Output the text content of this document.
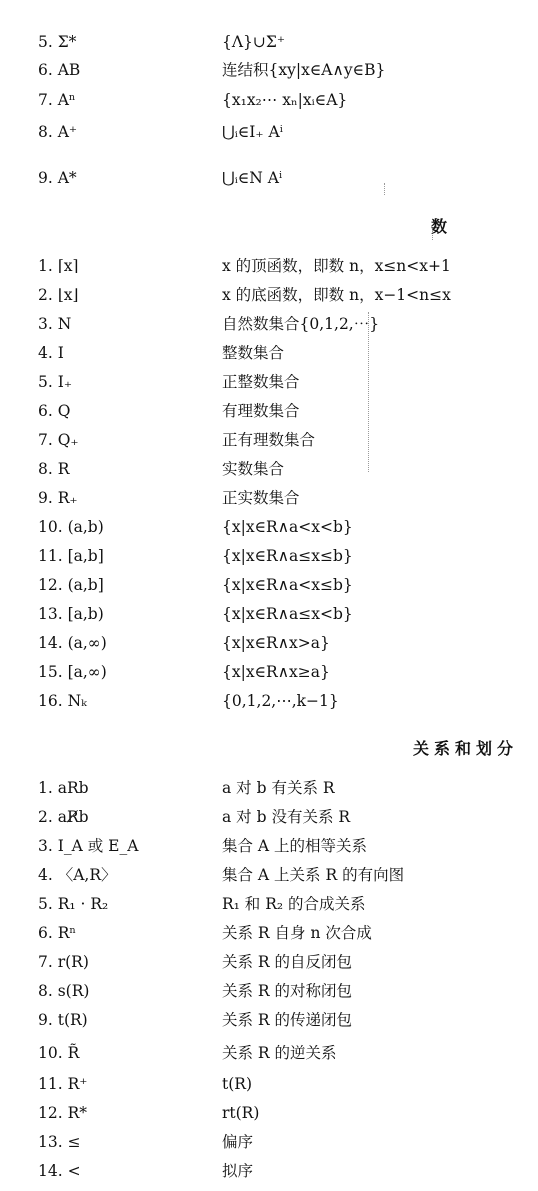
5. Σ*	{Λ}∪Σ⁺
6. AB	连结积{xy|x∈A∧y∈B}
7. Aⁿ	{x₁x₂⋯ xₙ|xᵢ∈A}
8. A⁺	⋃ᵢ∈I₊ Aⁱ
9. A*	⋃ᵢ∈N Aⁱ
数
1. ⌈x⌉	x 的顶函数，即数 n，x≤n<x+1
2. ⌊x⌋	x 的底函数，即数 n，x−1<n≤x
3. N	自然数集合{0,1,2,⋯}
4. I	整数集合
5. I₊	正整数集合
6. Q	有理数集合
7. Q₊	正有理数集合
8. R	实数集合
9. R₊	正实数集合
10. (a,b)	{x|x∈R∧a<x<b}
11. [a,b]	{x|x∈R∧a≤x≤b}
12. (a,b]	{x|x∈R∧a<x≤b}
13. [a,b)	{x|x∈R∧a≤x<b}
14. (a,∞)	{x|x∈R∧x>a}
15. [a,∞)	{x|x∈R∧x≥a}
16. Nₖ	{0,1,2,⋯,k−1}
关系和划分
1. aRb	a 对 b 有关系 R
2. aR̸b	a 对 b 没有关系 R
3. I_A 或 E_A	集合 A 上的相等关系
4. 〈A,R〉	集合 A 上关系 R 的有向图
5. R₁ · R₂	R₁ 和 R₂ 的合成关系
6. Rⁿ	关系 R 自身 n 次合成
7. r(R)	关系 R 的自反闭包
8. s(R)	关系 R 的对称闭包
9. t(R)	关系 R 的传递闭包
10. R̃	关系 R 的逆关系
11. R⁺	t(R)
12. R*	rt(R)
13. ≤	偏序
14. <	拟序
